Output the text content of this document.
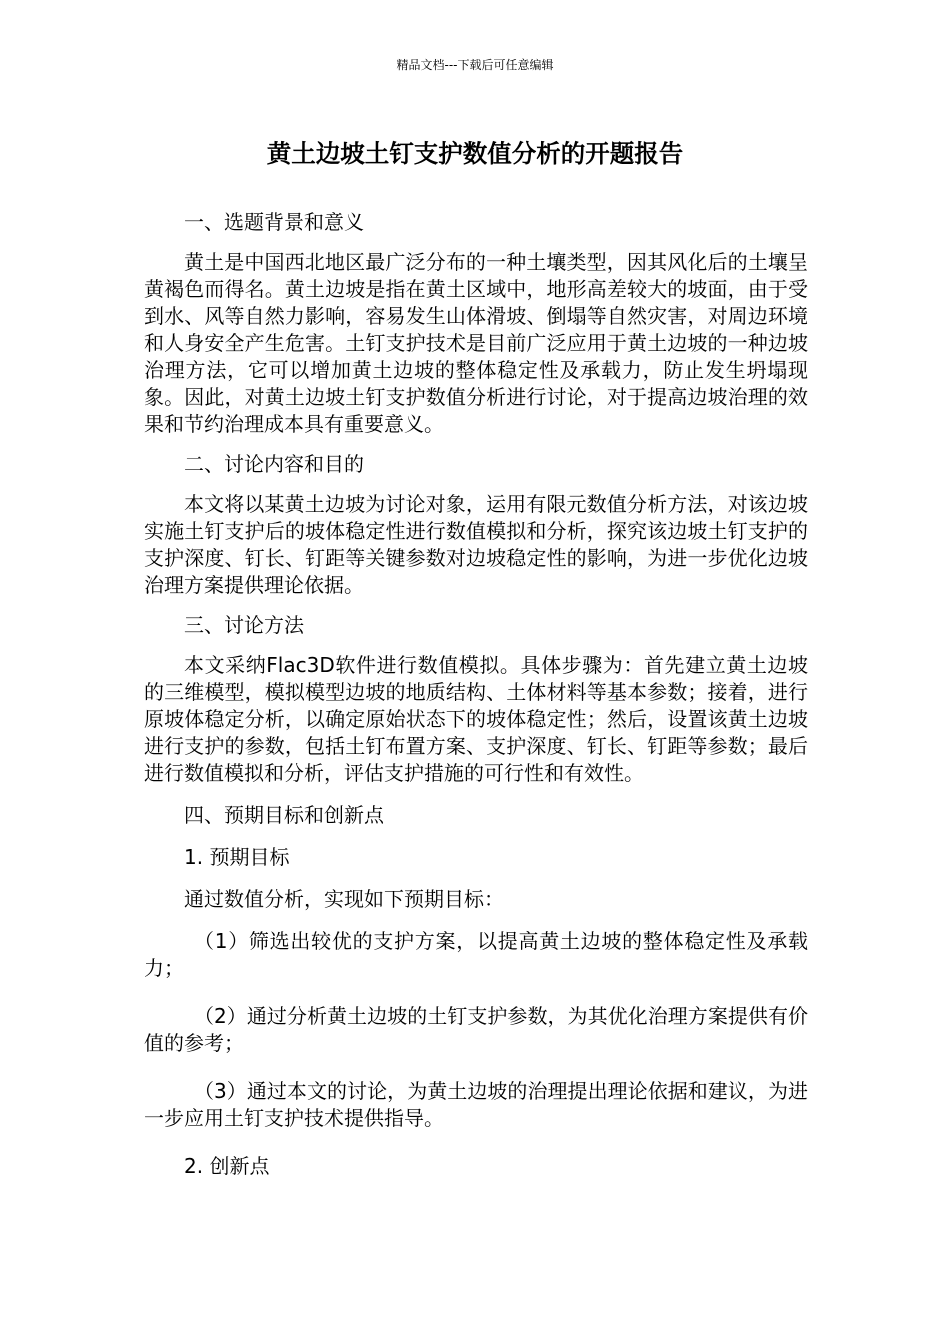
精品文档---下载后可任意编辑
黄土边坡土钉支护数值分析的开题报告

一、选题背景和意义

黄土是中国西北地区最广泛分布的一种土壤类型，因其风化后的土壤呈黄褐色而得名。黄土边坡是指在黄土区域中，地形高差较大的坡面，由于受到水、风等自然力影响，容易发生山体滑坡、倒塌等自然灾害，对周边环境和人身安全产生危害。土钉支护技术是目前广泛应用于黄土边坡的一种边坡治理方法，它可以增加黄土边坡的整体稳定性及承载力，防止发生坍塌现象。因此，对黄土边坡土钉支护数值分析进行讨论，对于提高边坡治理的效果和节约治理成本具有重要意义。

二、讨论内容和目的

本文将以某黄土边坡为讨论对象，运用有限元数值分析方法，对该边坡实施土钉支护后的坡体稳定性进行数值模拟和分析，探究该边坡土钉支护的支护深度、钉长、钉距等关键参数对边坡稳定性的影响，为进一步优化边坡治理方案提供理论依据。

三、讨论方法

本文采纳Flac3D软件进行数值模拟。具体步骤为：首先建立黄土边坡的三维模型，模拟模型边坡的地质结构、土体材料等基本参数；接着，进行原坡体稳定分析，以确定原始状态下的坡体稳定性；然后，设置该黄土边坡进行支护的参数，包括土钉布置方案、支护深度、钉长、钉距等参数；最后进行数值模拟和分析，评估支护措施的可行性和有效性。

四、预期目标和创新点

1. 预期目标

通过数值分析，实现如下预期目标：

（1）筛选出较优的支护方案，以提高黄土边坡的整体稳定性及承载力；

（2）通过分析黄土边坡的土钉支护参数，为其优化治理方案提供有价值的参考；

（3）通过本文的讨论，为黄土边坡的治理提出理论依据和建议，为进一步应用土钉支护技术提供指导。

2. 创新点
